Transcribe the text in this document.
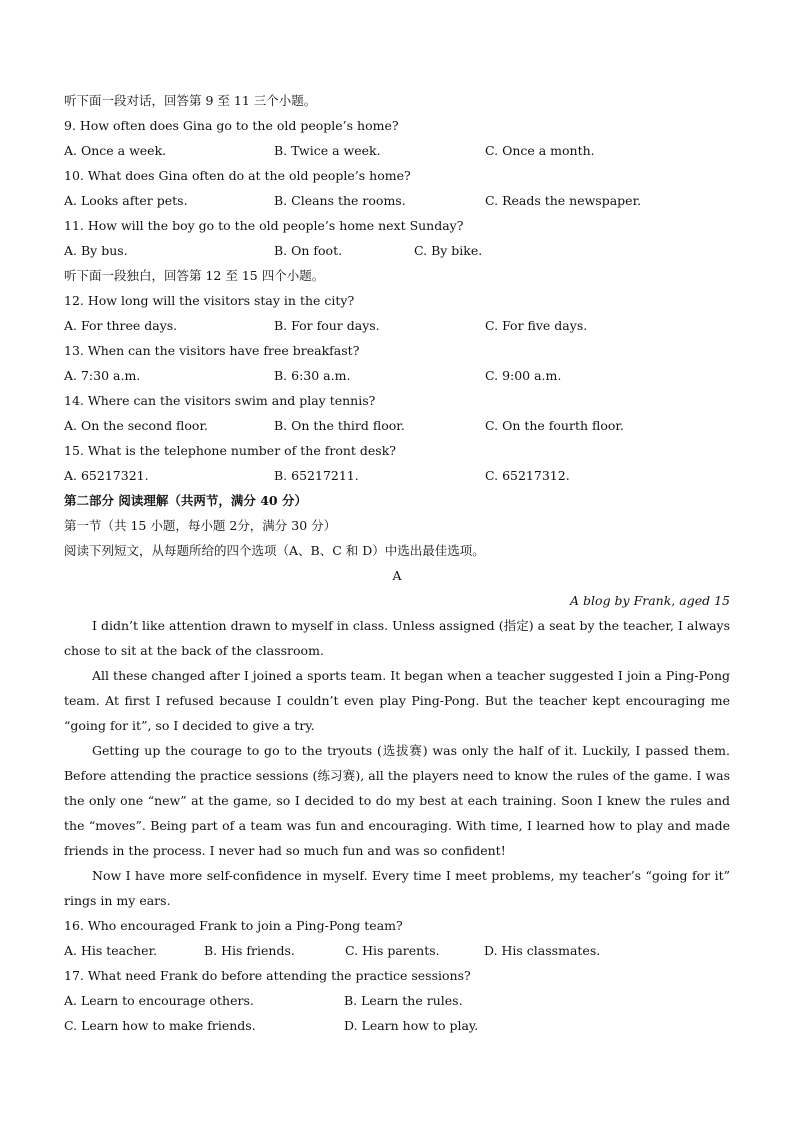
听下面一段对话，回答第 9 至 11 三个小题。
9. How often does Gina go to the old people’s home?
A. Once a week.	B. Twice a week.	C. Once a month.
10. What does Gina often do at the old people’s home?
A. Looks after pets.	B. Cleans the rooms.	C. Reads the newspaper.
11. How will the boy go to the old people’s home next Sunday?
A. By bus.	B. On foot.	C. By bike.
听下面一段独白，回答第 12 至 15 四个小题。
12. How long will the visitors stay in the city?
A. For three days.	B. For four days.	C. For five days.
13. When can the visitors have free breakfast?
A. 7:30 a.m.	B. 6:30 a.m.	C. 9:00 a.m.
14. Where can the visitors swim and play tennis?
A. On the second floor.	B. On the third floor.	C. On the fourth floor.
15. What is the telephone number of the front desk?
A. 65217321.	B. 65217211.	C. 65217312.
第二部分 阅读理解（共两节，满分 40 分）
第一节（共 15 小题，每小题 2分，满分 30 分）
阅读下列短文，从每题所给的四个选项（A、B、C 和 D）中选出最佳选项。
A
A blog by Frank, aged 15

I didn’t like attention drawn to myself in class. Unless assigned (指定) a seat by the teacher, I always chose to sit at the back of the classroom.

All these changed after I joined a sports team. It began when a teacher suggested I join a Ping-Pong team. At first I refused because I couldn’t even play Ping-Pong. But the teacher kept encouraging me “going for it”, so I decided to give a try.

Getting up the courage to go to the tryouts (选拔赛) was only the half of it. Luckily, I passed them. Before attending the practice sessions (练习赛), all the players need to know the rules of the game. I was the only one “new” at the game, so I decided to do my best at each training. Soon I knew the rules and the “moves”. Being part of a team was fun and encouraging. With time, I learned how to play and made friends in the process. I never had so much fun and was so confident!

Now I have more self-confidence in myself. Every time I meet problems, my teacher’s “going for it” rings in my ears.

16. Who encouraged Frank to join a Ping-Pong team?
A. His teacher.	B. His friends.	C. His parents.	D. His classmates.
17. What need Frank do before attending the practice sessions?
A. Learn to encourage others.	B. Learn the rules.
C. Learn how to make friends.	D. Learn how to play.
